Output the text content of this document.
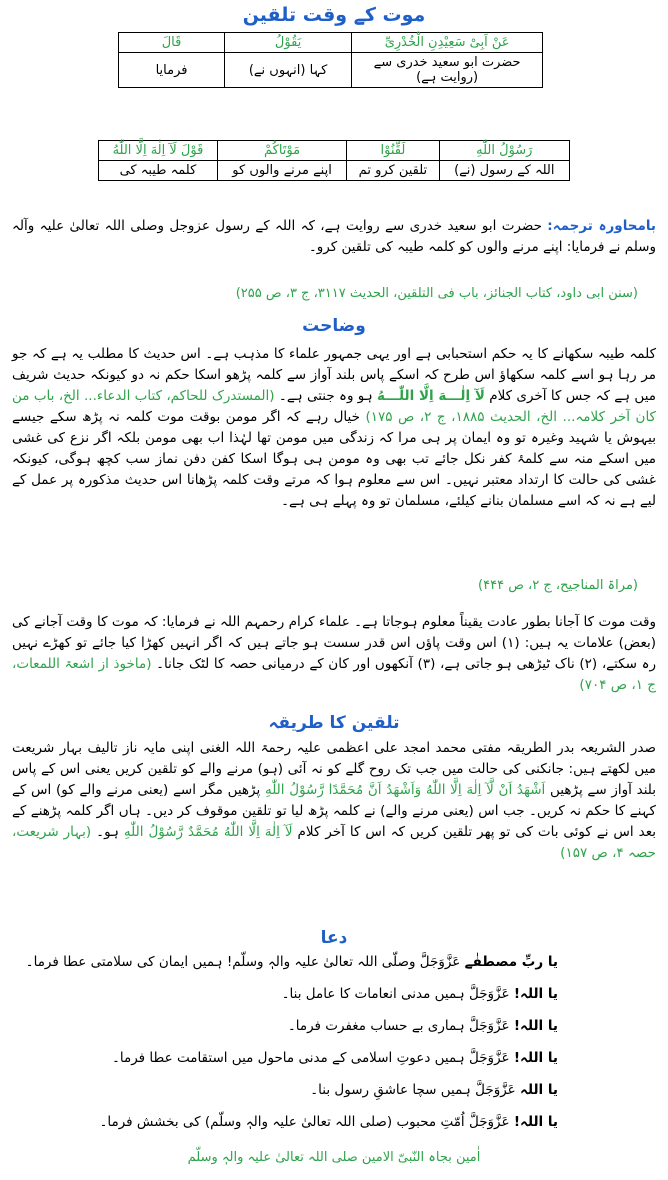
موت کے وقت تلقین
عَنْ اَبِیْ سَعِیْدِنِ الْخُدْرِیِّ	یَقُوْلُ	قَالَ
حضرت ابو سعید خدری سے (روایت ہے)	کہا (انہوں نے)	فرمایا
رَسُوْلُ اللّٰهِ	لَقِّنُوْا	مَوْتَاکُمْ	قَوْلَ لَآ اِلٰهَ اِلَّا اللّٰهُ
اللہ کے رسول (نے)	تلقین کرو تم	اپنے مرنے والوں کو	کلمہ طیبہ کی
بامحاورہ ترجمہ: حضرت ابو سعید خدری سے روایت ہے، کہ اللہ کے رسول عزوجل وصلی اللہ تعالیٰ علیہ وآلہ وسلم نے فرمایا: اپنے مرنے والوں کو کلمہ طیبہ کی تلقین کرو۔
(سنن ابی داود، کتاب الجنائز، باب فی التلقین، الحدیث ۳۱۱۷، ج ۳، ص ۲۵۵)
وضاحت
کلمہ طیبہ سکھانے کا یہ حکم استحبابی ہے اور یہی جمہور علماء کا مذہب ہے۔ اس حدیث کا مطلب یہ ہے کہ جو مر رہا ہو اسے کلمہ سکھاؤ اس طرح کہ اسکے پاس بلند آواز سے کلمہ پڑھو اسکا حکم نہ دو کیونکہ حدیث شریف میں ہے کہ جس کا آخری کلام لَآ اِلٰـــهَ اِلَّا اللّٰـــهُ ہو وہ جنتی ہے۔ (المستدرک للحاکم، کتاب الدعاء... الخ، باب من کان آخر کلامہ... الخ، الحدیث ۱۸۸۵، ج ۲، ص ۱۷۵) خیال رہے کہ اگر مومن بوقت موت کلمہ نہ پڑھ سکے جیسے بیہوش یا شہید وغیرہ تو وہ ایمان پر ہی مرا کہ زندگی میں مومن تھا لہٰذا اب بھی مومن بلکہ اگر نزع کی غشی میں اسکے منہ سے کلمۂ کفر نکل جائے تب بھی وہ مومن ہی ہوگا اسکا کفن دفن نماز سب کچھ ہوگی، کیونکہ غشی کی حالت کا ارتداد معتبر نہیں۔ اس سے معلوم ہوا کہ مرتے وقت کلمہ پڑھانا اس حدیث مذکورہ پر عمل کے لیے ہے نہ کہ اسے مسلمان بنانے کیلئے، مسلمان تو وہ پہلے ہی ہے۔
(مراۃ المناجیح، ج ۲، ص ۴۴۴)
وقت موت کا آجانا بطور عادت یقیناً معلوم ہوجاتا ہے۔ علماء کرام رحمہم اللہ نے فرمایا: کہ موت کا وقت آجانے کی (بعض) علامات یہ ہیں: (۱) اس وقت پاؤں اس قدر سست ہو جاتے ہیں کہ اگر انہیں کھڑا کیا جائے تو کھڑے نہیں رہ سکتے، (۲) ناک ٹیڑھی ہو جاتی ہے، (۳) آنکھوں اور کان کے درمیانی حصہ کا لٹک جانا۔ (ماخوذ از اشعۃ اللمعات، ج ۱، ص ۷۰۴)
تلقین کا طریقہ
صدر الشریعہ بدر الطریقہ مفتی محمد امجد علی اعظمی علیہ رحمۃ اللہ الغنی اپنی مایہ ناز تالیف بہار شریعت میں لکھتے ہیں: جانکنی کی حالت میں جب تک روح گلے کو نہ آئی (ہو) مرنے والے کو تلقین کریں یعنی اس کے پاس بلند آواز سے پڑھیں اَشْهَدُ اَنْ لَّآ اِلٰهَ اِلَّا اللّٰهُ وَاَشْهَدُ اَنَّ مُحَمَّدًا رَّسُوْلُ اللّٰهِ پڑھیں مگر اسے (یعنی مرنے والے کو) اس کے کہنے کا حکم نہ کریں۔ جب اس (یعنی مرنے والے) نے کلمہ پڑھ لیا تو تلقین موقوف کر دیں۔ ہاں اگر کلمہ پڑھنے کے بعد اس نے کوئی بات کی تو پھر تلقین کریں کہ اس کا آخر کلام لَآ اِلٰهَ اِلَّا اللّٰهُ مُحَمَّدٌ رَّسُوْلُ اللّٰهِ ہو۔ (بہار شریعت، حصہ ۴، ص ۱۵۷)
دعا
یا ربِّ مصطفٰے عَزَّوَجَلَّ وصلّی اللہ تعالیٰ علیہ والہٖ وسلّم! ہمیں ایمان کی سلامتی عطا فرما۔
یا اللہ! عَزَّوَجَلَّ ہمیں مدنی انعامات کا عامل بنا۔
یا اللہ! عَزَّوَجَلَّ ہماری بے حساب مغفرت فرما۔
یا اللہ! عَزَّوَجَلَّ ہمیں دعوتِ اسلامی کے مدنی ماحول میں استقامت عطا فرما۔
یا اللہ عَزَّوَجَلَّ ہمیں سچا عاشقِ رسول بنا۔
یا اللہ! عَزَّوَجَلَّ اُمّتِ محبوب (صلی اللہ تعالیٰ علیہ والہٖ وسلّم) کی بخشش فرما۔
اٰمین بجاہ النّبیّ الامین صلی اللہ تعالیٰ علیہ والہٖ وسلّم
